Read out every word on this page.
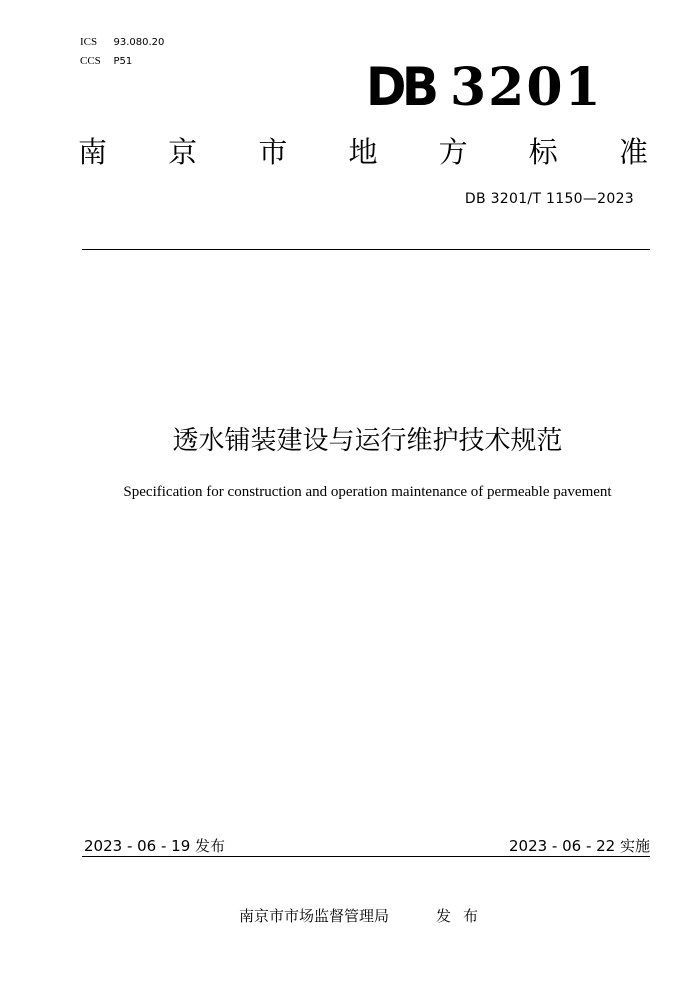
ICS 93.080.20
CCS P51	DB 3201
南 京 市 地 方 标 准
DB 3201/T 1150—2023
透水铺装建设与运行维护技术规范
Specification for construction and operation maintenance of permeable pavement
2023 - 06 - 19 发布	2023 - 06 - 22 实施
南京市市场监督管理局	发布
